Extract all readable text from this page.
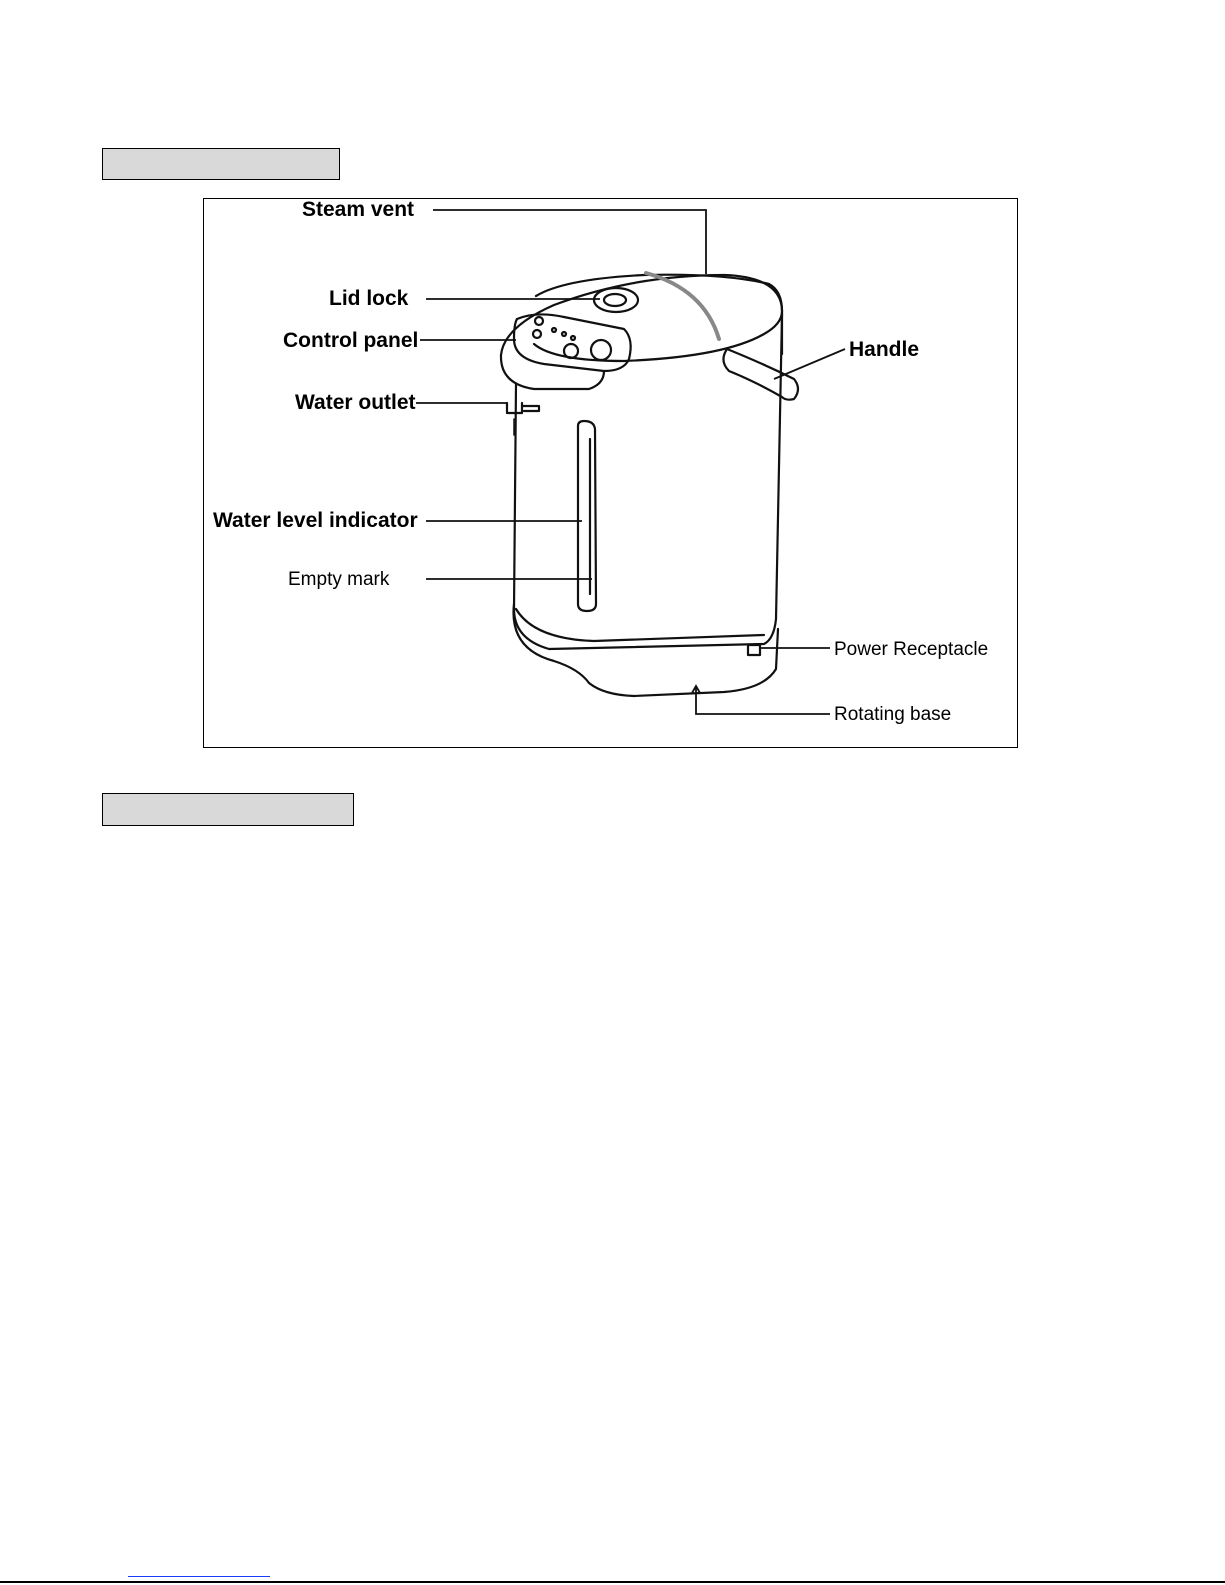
Steam vent
Lid lock
Control panel	Handle
Water outlet
Water level indicator
Empty mark
Power Receptacle
Rotating base
